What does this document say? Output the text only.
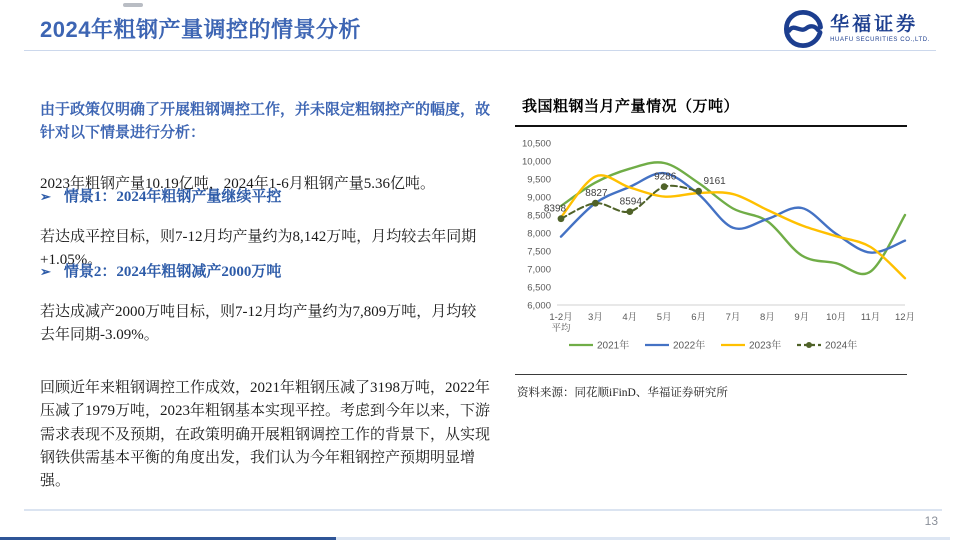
2024年粗钢产量调控的情景分析	华福证券
HUAFU SECURITIES CO.,LTD.

由于政策仅明确了开展粗钢调控工作，并未限定粗钢控产的幅度，故针对以下情景进行分析：

2023年粗钢产量10.19亿吨，2024年1-6月粗钢产量5.36亿吨。

➢ 情景1：2024年粗钢产量继续平控

若达成平控目标，则7-12月均产量约为8,142万吨，月均较去年同期+1.05%。

➢ 情景2：2024年粗钢减产2000万吨

若达成减产2000万吨目标，则7-12月均产量约为7,809万吨，月均较去年同期-3.09%。

回顾近年来粗钢调控工作成效，2021年粗钢压减了3198万吨，2022年压减了1979万吨，2023年粗钢基本实现平控。考虑到今年以来，下游需求表现不及预期，在政策明确开展粗钢调控工作的背景下，从实现钢铁供需基本平衡的角度出发，我们认为今年粗钢控产预期明显增强。

我国粗钢当月产量情况（万吨）
6,000
6,500
7,000
7,500
8,000
8,500
9,000
9,500
10,000
10,500
1-2月
平均
3月 4月 5月 6月 7月 8月 9月 10月 11月 12月
8398
8827
8594
9286	9161
2021年	2022年	2023年	2024年
资料来源：同花顺iFinD、华福证券研究所
13
